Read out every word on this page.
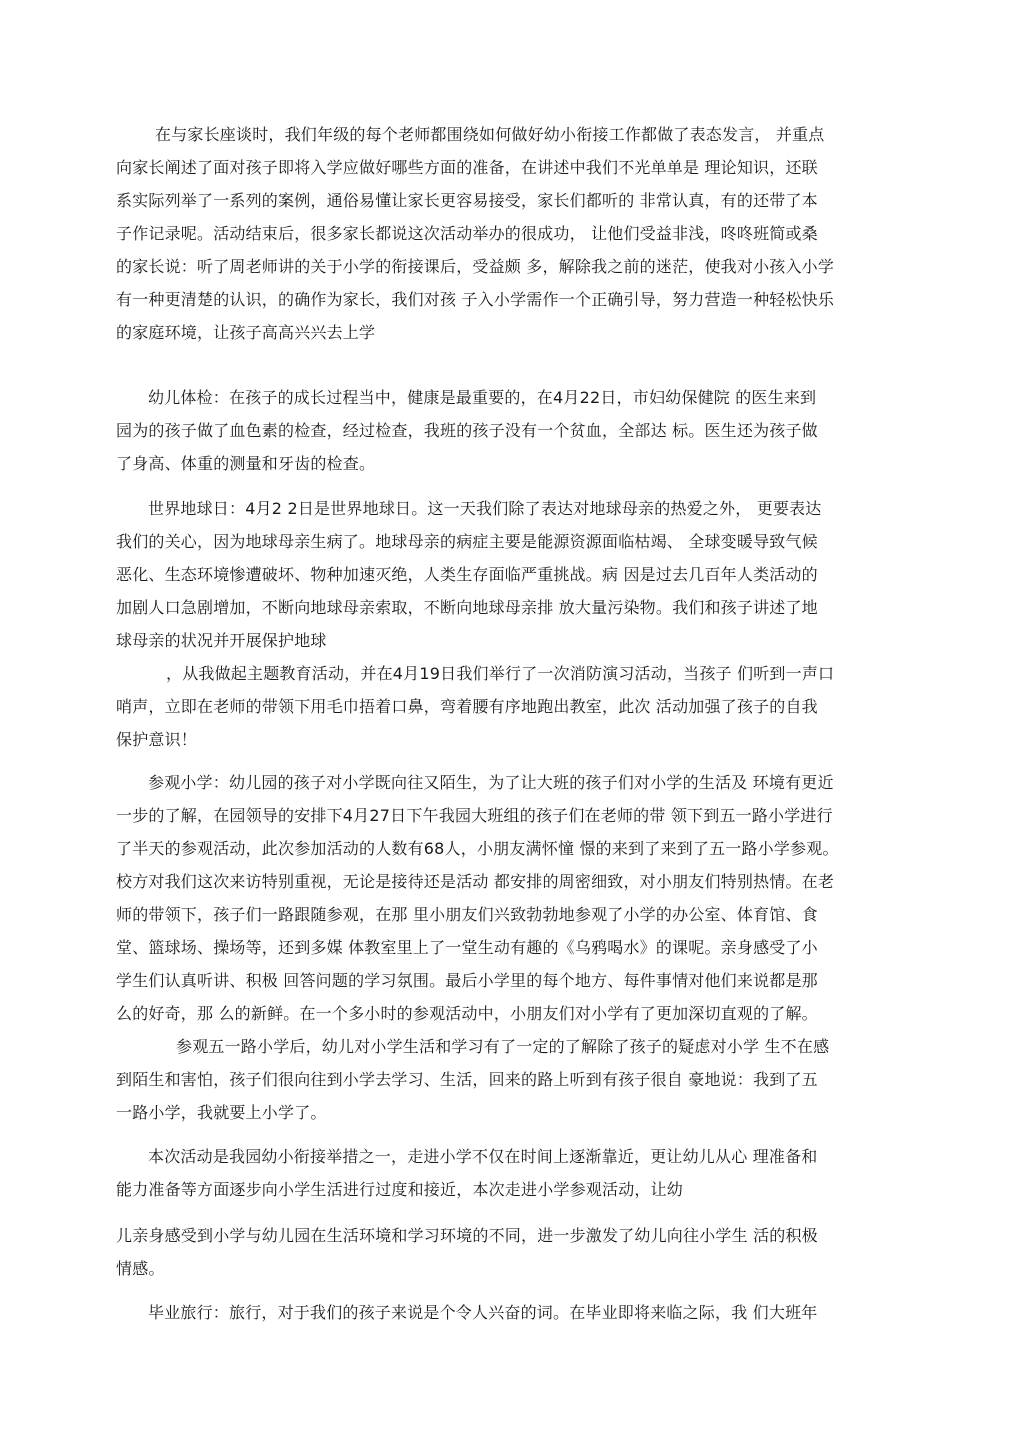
在与家长座谈时，我们年级的每个老师都围绕如何做好幼小衔接工作都做了表态发言， 并重点
向家长阐述了面对孩子即将入学应做好哪些方面的准备，在讲述中我们不光单单是 理论知识，还联
系实际列举了一系列的案例，通俗易懂让家长更容易接受，家长们都听的 非常认真，有的还带了本
子作记录呢。活动结束后，很多家长都说这次活动举办的很成功， 让他们受益非浅，咚咚班简或桑
的家长说：听了周老师讲的关于小学的衔接课后，受益颇 多，解除我之前的迷茫，使我对小孩入小学
有一种更清楚的认识，的确作为家长，我们对孩 子入小学需作一个正确引导，努力营造一种轻松快乐
的家庭环境，让孩子高高兴兴去上学
幼儿体检：在孩子的成长过程当中，健康是最重要的，在4月22日，市妇幼保健院 的医生来到
园为的孩子做了血色素的检查，经过检查，我班的孩子没有一个贫血，全部达 标。医生还为孩子做
了身高、体重的测量和牙齿的检查。
世界地球日：4月2 2日是世界地球日。这一天我们除了表达对地球母亲的热爱之外， 更要表达
我们的关心，因为地球母亲生病了。地球母亲的病症主要是能源资源面临枯竭、 全球变暖导致气候
恶化、生态环境惨遭破坏、物种加速灭绝，人类生存面临严重挑战。病 因是过去几百年人类活动的
加剧人口急剧增加，不断向地球母亲索取，不断向地球母亲排 放大量污染物。我们和孩子讲述了地
球母亲的状况并开展保护地球
，从我做起主题教育活动，并在4月19日我们举行了一次消防演习活动，当孩子 们听到一声口
哨声，立即在老师的带领下用毛巾捂着口鼻，弯着腰有序地跑出教室，此次 活动加强了孩子的自我
保护意识！
参观小学：幼儿园的孩子对小学既向往又陌生，为了让大班的孩子们对小学的生活及 环境有更近
一步的了解，在园领导的安排下4月27日下午我园大班组的孩子们在老师的带 领下到五一路小学进行
了半天的参观活动，此次参加活动的人数有68人，小朋友满怀憧 憬的来到了来到了五一路小学参观。
校方对我们这次来访特别重视，无论是接待还是活动 都安排的周密细致，对小朋友们特别热情。在老
师的带领下，孩子们一路跟随参观，在那 里小朋友们兴致勃勃地参观了小学的办公室、体育馆、食
堂、篮球场、操场等，还到多媒 体教室里上了一堂生动有趣的《乌鸦喝水》的课呢。亲身感受了小
学生们认真听讲、积极 回答问题的学习氛围。最后小学里的每个地方、每件事情对他们来说都是那
么的好奇，那 么的新鲜。在一个多小时的参观活动中，小朋友们对小学有了更加深切直观的了解。
参观五一路小学后，幼儿对小学生活和学习有了一定的了解除了孩子的疑虑对小学 生不在感
到陌生和害怕，孩子们很向往到小学去学习、生活，回来的路上听到有孩子很自 豪地说：我到了五
一路小学，我就要上小学了。
本次活动是我园幼小衔接举措之一，走进小学不仅在时间上逐渐靠近，更让幼儿从心 理准备和
能力准备等方面逐步向小学生活进行过度和接近，本次走进小学参观活动，让幼
儿亲身感受到小学与幼儿园在生活环境和学习环境的不同，进一步激发了幼儿向往小学生 活的积极
情感。
毕业旅行：旅行，对于我们的孩子来说是个令人兴奋的词。在毕业即将来临之际，我 们大班年
